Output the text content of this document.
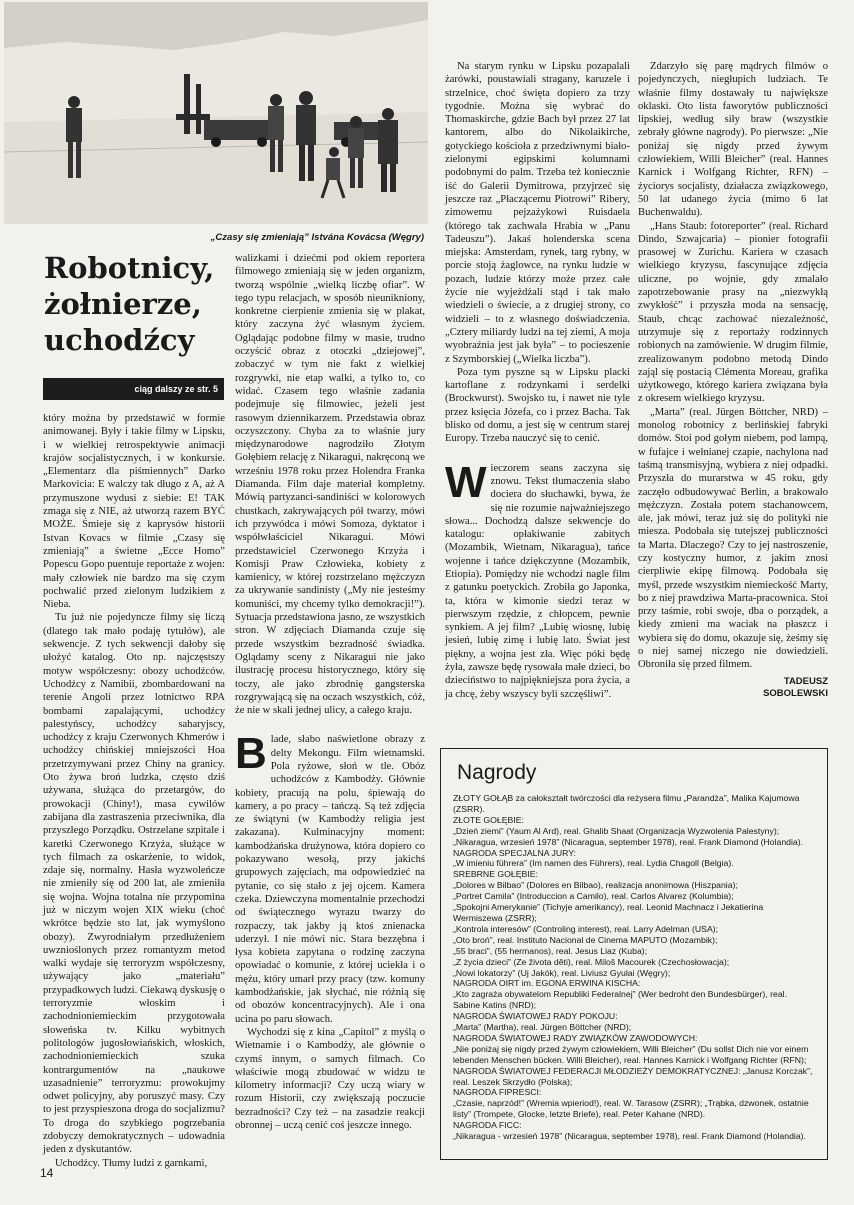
„Czasy się zmieniają” Istvána Kovácsa (Węgry)
Robotnicy,
żołnierze,
uchodźcy
ciąg dalszy ze str. 5

który można by przedstawić w formie animowanej. Były i takie filmy w Lipsku, i w wielkiej retrospektywie animacji krajów socjalistycznych, i w konkursie. „Elementarz dla piśmiennych” Darko Markovicia: E walczy tak długo z A, aż A przymuszone wydusi z siebie: E! TAK zmaga się z NIE, aż utworzą razem BYĆ MOŻE. Śmieje się z kaprysów historii Istvan Kovacs w filmie „Czasy się zmieniają” a świetne „Ecce Homo” Popescu Gopo puentuje reportaże z wojen: mały człowiek nie bardzo ma się czym pochwalić przed zielonym ludzikiem z Nieba.

Tu już nie pojedyncze filmy się liczą (dlatego tak mało podaję tytułów), ale sekwencje. Z tych sekwencji dałoby się ułożyć katalog. Oto np. najczęstszy motyw współczesny: obozy uchodźców. Uchodźcy z Namibii, zbombardowani na terenie Angoli przez lotnictwo RPA bombami zapalającymi, uchodźcy palestyńscy, uchodźcy saharyjscy, uchodźcy z kraju Czerwonych Khmerów i uchodźcy chińskiej mniejszości Hoa przetrzymywani przez Chiny na granicy. Oto żywa broń ludzka, często dziś używana, służąca do przetargów, do prowokacji (Chiny!), masa cywilów zabijana dla zastraszenia przeciwnika, dla przyszłego Porządku. Ostrzelane szpitale i karetki Czerwonego Krzyża, służące w tych filmach za oskarżenie, to widok, zdaje się, normalny. Hasła wyzwoleńcze nie zmieniły się od 200 lat, ale zmieniła się wojna. Wojna totalna nie przypomina już w niczym wojen XIX wieku (choć wkrótce będzie sto lat, jak wymyślono obozy). Zwyrodniałym przedłużeniem uwznioślonych przez romantyzm metod walki wydaje się terroryzm współczesny, używający jako „materiału” przypadkowych ludzi. Ciekawą dyskusję o terroryzmie włoskim i zachodnioniemieckim przygotowała słoweńska tv. Kilku wybitnych politologów jugosłowiańskich, włoskich, zachodnioniemieckich szuka kontrargumentów na „naukowe uzasadnienie” terroryzmu: prowokujmy odwet policyjny, aby poruszyć masy. Czy to jest przyspieszona droga do socjalizmu? To droga do szybkiego pogrzebania zdobyczy demokratycznych – udowadnia jeden z dyskutantów.

Uchodźcy. Tłumy ludzi z garnkami,

walizkami i dziećmi pod okiem reportera filmowego zmieniają się w jeden organizm, tworzą wspólnie „wielką liczbę ofiar”. W tego typu relacjach, w sposób nieunikniony, konkretne cierpienie zmienia się w plakat, który zaczyna żyć własnym życiem. Oglądając podobne filmy w masie, trudno oczyścić obraz z otoczki „dziejowej”, zobaczyć w tym nie fakt z wielkiej rozgrywki, nie etap walki, a tylko to, co widać. Czasem tego właśnie zadania podejmuje się filmowiec, jeżeli jest rasowym dziennikarzem. Przedstawia obraz oczyszczony. Chyba za to właśnie jury międzynarodowe nagrodziło Złotym Gołębiem relację z Nikaragui, nakręconą we wrześniu 1978 roku przez Holendra Franka Diamanda. Film daje materiał kompletny. Mówią partyzanci-sandiniści w kolorowych chustkach, zakrywających pół twarzy, mówi ich przywódca i mówi Somoza, dyktator i współwłaściciel Nikaragui. Mówi przedstawiciel Czerwonego Krzyża i Komisji Praw Człowieka, kobiety z kamienicy, w której rozstrzelano mężczyzn za ukrywanie sandinisty („My nie jesteśmy komuniści, my chcemy tylko demokracji!”). Sytuacja przedstawiona jasno, ze wszystkich stron. W zdjęciach Diamanda czuje się przede wszystkim bezradność świadka. Oglądamy sceny z Nikaragui nie jako ilustrację procesu historycznego, który się toczy, ale jako zbrodnię gangsterska rozgrywającą się na oczach wszystkich, cóż, że nie w skali jednej ulicy, a całego kraju.

Blade, słabo naświetlone obrazy z delty Mekongu. Film wietnamski. Pola ryżowe, słoń w tle. Obóz uchodźców z Kambodży. Głównie kobiety, pracują na polu, śpiewają do kamery, a po pracy – tańczą. Są też zdjęcia ze świątyni (w Kambodży religia jest zakazana). Kulminacyjny moment: kambodżańska drużynowa, która dopiero co pokazywano wesołą, przy jakichś grupowych zajęciach, ma odpowiedzieć na pytanie, co się stało z jej ojcem. Kamera czeka. Dziewczyna momentalnie przechodzi od świątecznego wyrazu twarzy do rozpaczy, tak jakby ją ktoś znienacka uderzył. I nie mówi nic. Stara bezzębna i łysa kobieta zapytana o rodzinę zaczyna opowiadać o komunie, z której uciekła i o mężu, który umarł przy pracy (tzw. komuny kambodżańskie, jak słychać, nie różnią się od obozów koncentracyjnych). Ale i ona ucina po paru słowach.

Wychodzi się z kina „Capitol” z myślą o Wietnamie i o Kambodży, ale głównie o czymś innym, o samych filmach. Co właściwie mogą zbudować w widzu te kilometry informacji? Czy uczą wiary w rozum Historii, czy zwiększają poczucie bezradności? Czy też – na zasadzie reakcji obronnej – uczą cenić coś jeszcze innego.

Na starym rynku w Lipsku pozapalali żarówki, poustawiali stragany, karuzele i strzelnice, choć święta dopiero za trzy tygodnie. Można się wybrać do Thomaskirche, gdzie Bach był przez 27 lat kantorem, albo do Nikolaikirche, gotyckiego kościoła z przedziwnymi biało-zielonymi egipskimi kolumnami podobnymi do palm. Trzeba też koniecznie iść do Galerii Dymitrowa, przyjrzeć się jeszcze raz „Płaczącemu Piotrowi” Ribery, zimowemu pejzażykowi Ruisdaela (którego tak zachwala Hrabia w „Panu Tadeuszu”). Jakaś holenderska scena miejska: Amsterdam, rynek, targ rybny, w porcie stoją żaglowce, na rynku ludzie w pozach, ludzie którzy może przez całe życie nie wyjeżdżali stąd i tak mało wiedzieli o świecie, a z drugiej strony, co widzieli – to z własnego doświadczenia. „Cztery miliardy ludzi na tej ziemi, A moja wyobraźnia jest jak była” – to pocieszenie z Szymborskiej („Wielka liczba”).

Poza tym pyszne są w Lipsku placki kartoflane z rodzynkami i serdelki (Brockwurst). Swojsko tu, i nawet nie tyle przez księcia Józefa, co i przez Bacha. Tak blisko od domu, a jest się w centrum starej Europy. Trzeba nauczyć się to cenić.

Wieczorem seans zaczyna się znowu. Tekst tłumaczenia słabo dociera do słuchawki, bywa, że się nie rozumie najważniejszego słowa... Dochodzą dalsze sekwencje do katalogu: opłakiwanie zabitych (Mozambik, Wietnam, Nikaragua), tańce wojenne i tańce dziękczynne (Mozambik, Etiopia). Pomiędzy nie wchodzi nagle film z gatunku poetyckich. Zrobiła go Japonka, ta, która w kimonie siedzi teraz w pierwszym rzędzie, z chłopcem, pewnie synkiem. A jej film? „Lubię wiosnę, lubię jesień, lubię zimę i lubię lato. Świat jest piękny, a wojna jest zła. Więc póki będę żyła, zawsze będę rysowała małe dzieci, bo dzieciństwo to najpiękniejsza pora życia, a ja chcę, żeby wszyscy byli szczęśliwi”.

Zdarzyło się parę mądrych filmów o pojedynczych, niegłupich ludziach. Te właśnie filmy dostawały tu największe oklaski. Oto lista faworytów publiczności lipskiej, według siły braw (wszystkie zebrały główne nagrody). Po pierwsze: „Nie poniżaj się nigdy przed żywym człowiekiem, Willi Bleicher” (real. Hannes Karnick i Wolfgang Richter, RFN) – życiorys socjalisty, działacza związkowego, 50 lat udanego życia (mimo 6 lat Buchenwaldu).

„Hans Staub: fotoreporter” (real. Richard Dindo, Szwajcaria) – pionier fotografii prasowej w Zurichu. Kariera w czasach wielkiego kryzysu, fascynujące zdjęcia uliczne, po wojnie, gdy zmalało zapotrzebowanie prasy na „niezwykłą zwykłość” i przyszła moda na sensację, Staub, chcąc zachować niezależność, utrzymuje się z reportaży rodzinnych robionych na zamówienie. W drugim filmie, zrealizowanym podobno metodą Dindo zająl się postacią Clémenta Moreau, grafika użytkowego, którego kariera związana była z okresem wielkiego kryzysu.

„Marta” (real. Jürgen Böttcher, NRD) – monolog robotnicy z berlińskiej fabryki domów. Stoi pod gołym niebem, pod lampą, w fufajce i wełnianej czapie, nachylona nad taśmą transmisyjną, wybiera z niej odpadki. Przyszła do murarstwa w 45 roku, gdy zaczęło odbudowywać Berlin, a brakowało mężczyzn. Została potem stachanowcem, ale, jak mówi, teraz już się do polityki nie miesza. Podobała się tutejszej publiczności ta Marta. Dlaczego? Czy to jej nastroszenie, czy kostyczny humor, z jakim znosi cierpliwie ekipę filmową. Podobała się myśl, przede wszystkim niemieckość Marty, bo z niej prawdziwa Marta-pracownica. Stoi przy taśmie, robi swoje, dba o porządek, a kiedy zmieni ma waciak na płaszcz i wybiera się do domu, okazuje się, żeśmy się o niej samej niczego nie dowiedzieli. Obroniła się przed filmem.

TADEUSZ
SOBOLEWSKI
Nagrody
ZŁOTY GOŁĄB za całokształt twórczości dla reżysera filmu „Parandża”, Malika Kajumowa (ZSRR).
ZŁOTE GOŁĘBIE:
„Dzień ziemi” (Yaum Al Ard), real. Ghalib Shaat (Organizacja Wyzwolenia Palestyny);
„Nikaragua, wrzesień 1978” (Nicaragua, september 1978), real. Frank Diamond (Holandia).
NAGRODA SPECJALNA JURY:
„W imieniu führera” (Im namen des Führers), real. Lydia Chagoll (Belgia).
SREBRNE GOŁĘBIE:
„Dolores w Bilbao” (Dolores en Bilbao), realizacja anonimowa (Hiszpania);
„Portret Camila” (Introduccion a Camilo), real. Carlos Alvarez (Kolumbia);
„Spokojni Amerykanie” (Tichyje amerikancy), real. Leonid Machnacz i Jekatierina Wermiszewa (ZSRR);
„Kontrola interesów” (Controling interest), real. Larry Adelman (USA);
„Oto broń”, real. Instituto Nacional de Cinema MAPUTO (Mozambik);
„55 braci”, (55 hermanos), real. Jesus Liaz (Kuba);
„Z życia dzieci” (Ze života děti), real. Miloš Macourek (Czechosłowacja);
„Nowi lokatorzy” (Uj Jakók), real. Liviusz Gyulai (Węgry);
NAGRODA OIRT im. EGONA ERWINA KISCHA:
„Kto zagraża obywatelom Republiki Federalnej” (Wer bedroht den Bundesbürger), real. Sabine Katins (NRD);
NAGRODA ŚWIATOWEJ RADY POKOJU:
„Marta” (Martha), real. Jürgen Böttcher (NRD);
NAGRODA ŚWIATOWEJ RADY ZWIĄZKÓW ZAWODOWYCH:
„Nie poniżaj się nigdy przed żywym człowiekiem, Willi Bleicher” (Du sollst Dich nie vor einem lebenden Menschen bücken. Willi Bleicher), real. Hannes Karnick i Wolfgang Richter (RFN);
NAGRODA ŚWIATOWEJ FEDERACJI MŁODZIEŻY DEMOKRATYCZNEJ: „Janusz Korczak”, real. Leszek Skrzydło (Polska);
NAGRODA FIPRESCI:
„Czasie, naprzód!” (Wremia wpieriod!), real. W. Tarasow (ZSRR); „Trąbka, dzwonek, ostatnie listy” (Trompete, Glocke, letzte Briefe), real. Peter Kahane (NRD).
NAGRODA FICC:
„Nikaragua - wrzesień 1978” (Nicaragua, september 1978), real. Frank Diamond (Holandia).
14
